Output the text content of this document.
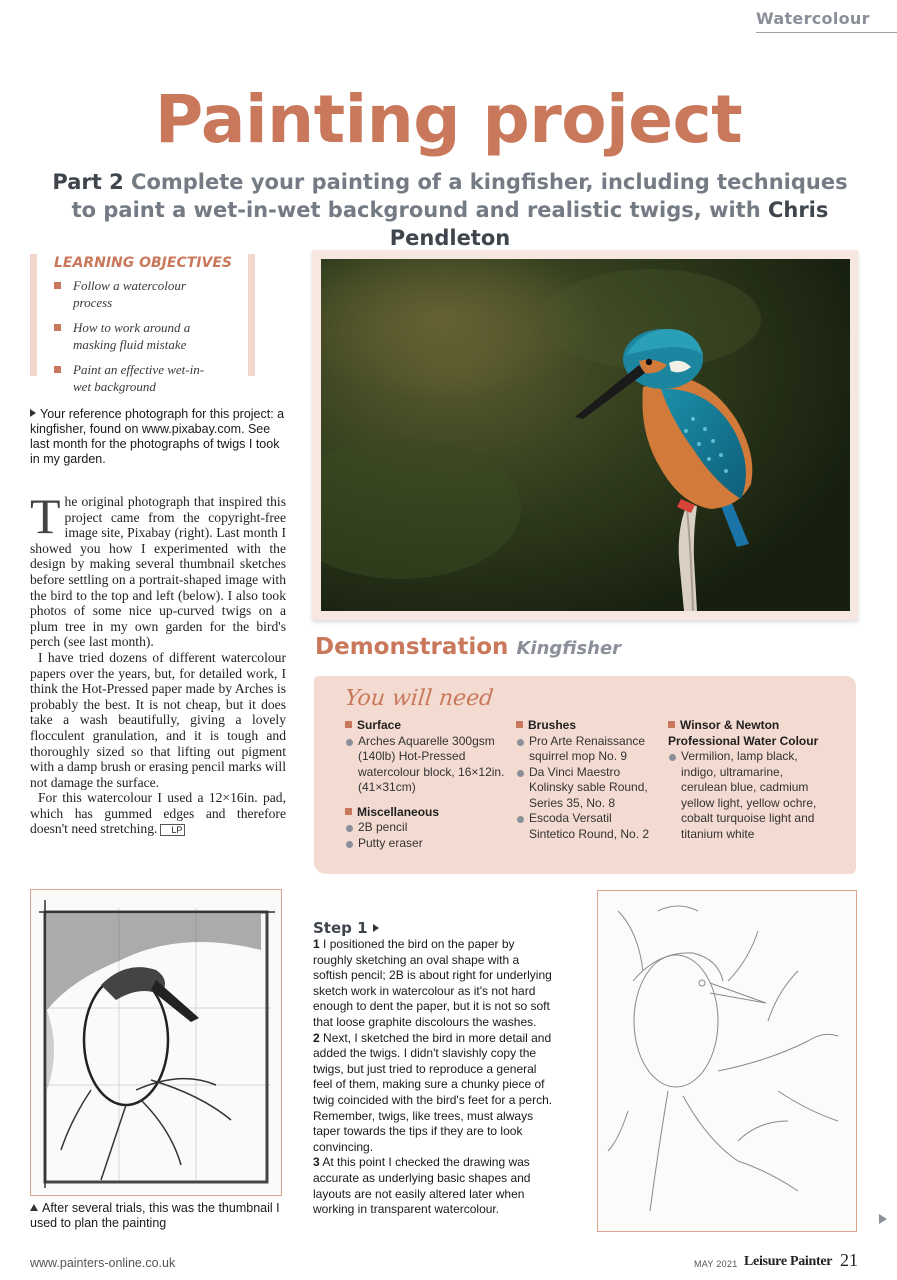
Watercolour
Painting project
Part 2 Complete your painting of a kingfisher, including techniques to paint a wet-in-wet background and realistic twigs, with Chris Pendleton
LEARNING OBJECTIVES
Follow a watercolour process
How to work around a masking fluid mistake
Paint an effective wet-in-wet background
Your reference photograph for this project: a kingfisher, found on www.pixabay.com. See last month for the photographs of twigs I took in my garden.

The original photograph that inspired this project came from the copyright-free image site, Pixabay (right). Last month I showed you how I experimented with the design by making several thumbnail sketches before settling on a portrait-shaped image with the bird to the top and left (below). I also took photos of some nice up-curved twigs on a plum tree in my own garden for the bird's perch (see last month).

I have tried dozens of different watercolour papers over the years, but, for detailed work, I think the Hot-Pressed paper made by Arches is probably the best. It is not cheap, but it does take a wash beautifully, giving a lovely flocculent granulation, and it is tough and thoroughly sized so that lifting out pigment with a damp brush or erasing pencil marks will not damage the surface.

For this watercolour I used a 12×16in. pad, which has gummed edges and therefore doesn't need stretching. LP

Demonstration Kingfisher
You will need
Surface
Arches Aquarelle 300gsm (140lb) Hot-Pressed watercolour block, 16×12in. (41×31cm)
Miscellaneous
2B pencil
Putty eraser
Brushes
Pro Arte Renaissance squirrel mop No. 9
Da Vinci Maestro Kolinsky sable Round, Series 35, No. 8
Escoda Versatil Sintetico Round, No. 2
Winsor & Newton Professional Water Colour
Vermilion, lamp black, indigo, ultramarine, cerulean blue, cadmium yellow light, yellow ochre, cobalt turquoise light and titanium white
After several trials, this was the thumbnail I used to plan the painting
Step 1
1 I positioned the bird on the paper by roughly sketching an oval shape with a softish pencil; 2B is about right for underlying sketch work in watercolour as it's not hard enough to dent the paper, but it is not so soft that loose graphite discolours the washes.
2 Next, I sketched the bird in more detail and added the twigs. I didn't slavishly copy the twigs, but just tried to reproduce a general feel of them, making sure a chunky piece of twig coincided with the bird's feet for a perch. Remember, twigs, like trees, must always taper towards the tips if they are to look convincing.
3 At this point I checked the drawing was accurate as underlying basic shapes and layouts are not easily altered later when working in transparent watercolour.
www.painters-online.co.uk	MAY 2021 Leisure Painter 21
